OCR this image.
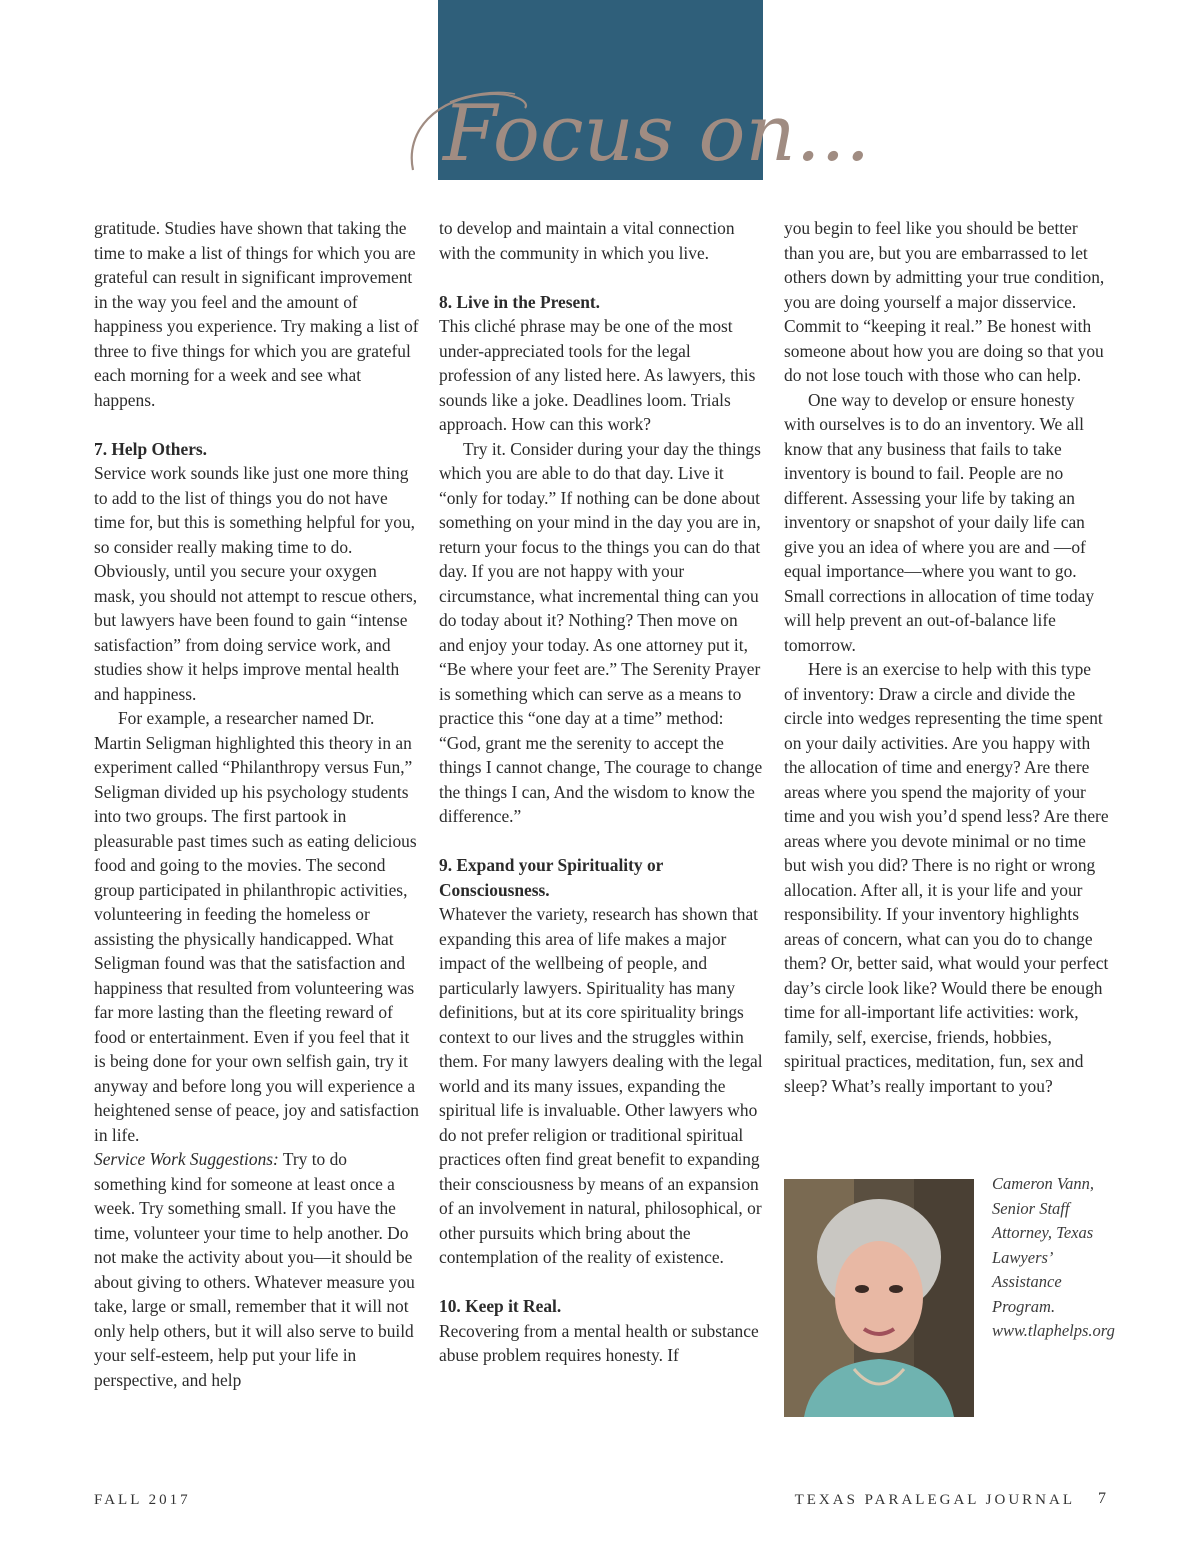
Focus on...

gratitude. Studies have shown that taking the time to make a list of things for which you are grateful can result in significant improvement in the way you feel and the amount of happiness you experience. Try making a list of three to five things for which you are grateful each morning for a week and see what happens.

7. Help Others.

Service work sounds like just one more thing to add to the list of things you do not have time for, but this is something helpful for you, so consider really making time to do. Obviously, until you secure your oxygen mask, you should not attempt to rescue others, but lawyers have been found to gain “intense satisfaction” from doing service work, and studies show it helps improve mental health and happiness.

For example, a researcher named Dr. Martin Seligman highlighted this theory in an experiment called “Philanthropy versus Fun,” Seligman divided up his psychology students into two groups. The first partook in pleasurable past times such as eating delicious food and going to the movies. The second group participated in philanthropic activities, volunteering in feeding the homeless or assisting the physically handicapped. What Seligman found was that the satisfaction and happiness that resulted from volunteering was far more lasting than the fleeting reward of food or entertainment. Even if you feel that it is being done for your own selfish gain, try it anyway and before long you will experience a heightened sense of peace, joy and satisfaction in life.

Service Work Suggestions: Try to do something kind for someone at least once a week. Try something small. If you have the time, volunteer your time to help another. Do not make the activity about you—it should be about giving to others. Whatever measure you take, large or small, remember that it will not only help others, but it will also serve to build your self-esteem, help put your life in perspective, and help

to develop and maintain a vital connection with the community in which you live.

8. Live in the Present.

This cliché phrase may be one of the most under-appreciated tools for the legal profession of any listed here. As lawyers, this sounds like a joke. Deadlines loom. Trials approach. How can this work?

Try it. Consider during your day the things which you are able to do that day. Live it “only for today.” If nothing can be done about something on your mind in the day you are in, return your focus to the things you can do that day. If you are not happy with your circumstance, what incremental thing can you do today about it? Nothing? Then move on and enjoy your today. As one attorney put it, “Be where your feet are.” The Serenity Prayer is something which can serve as a means to practice this “one day at a time” method: “God, grant me the serenity to accept the things I cannot change, The courage to change the things I can, And the wisdom to know the difference.”

9. Expand your Spirituality or Consciousness.

Whatever the variety, research has shown that expanding this area of life makes a major impact of the wellbeing of people, and particularly lawyers. Spirituality has many definitions, but at its core spirituality brings context to our lives and the struggles within them. For many lawyers dealing with the legal world and its many issues, expanding the spiritual life is invaluable. Other lawyers who do not prefer religion or traditional spiritual practices often find great benefit to expanding their consciousness by means of an expansion of an involvement in natural, philosophical, or other pursuits which bring about the contemplation of the reality of existence.

10. Keep it Real.

Recovering from a mental health or substance abuse problem requires honesty. If

you begin to feel like you should be better than you are, but you are embarrassed to let others down by admitting your true condition, you are doing yourself a major disservice. Commit to “keeping it real.” Be honest with someone about how you are doing so that you do not lose touch with those who can help.

One way to develop or ensure honesty with ourselves is to do an inventory. We all know that any business that fails to take inventory is bound to fail. People are no different. Assessing your life by taking an inventory or snapshot of your daily life can give you an idea of where you are and —of equal importance—where you want to go. Small corrections in allocation of time today will help prevent an out-of-balance life tomorrow.

Here is an exercise to help with this type of inventory: Draw a circle and divide the circle into wedges representing the time spent on your daily activities. Are you happy with the allocation of time and energy? Are there areas where you spend the majority of your time and you wish you’d spend less? Are there areas where you devote minimal or no time but wish you did? There is no right or wrong allocation. After all, it is your life and your responsibility. If your inventory highlights areas of concern, what can you do to change them? Or, better said, what would your perfect day’s circle look like? Would there be enough time for all-important life activities: work, family, self, exercise, friends, hobbies, spiritual practices, meditation, fun, sex and sleep? What’s really important to you?

Cameron Vann, Senior Staff Attorney, Texas Lawyers’ Assistance Program. www.tlaphelps.org
FALL 2017	TEXAS PARALEGAL JOURNAL 7
